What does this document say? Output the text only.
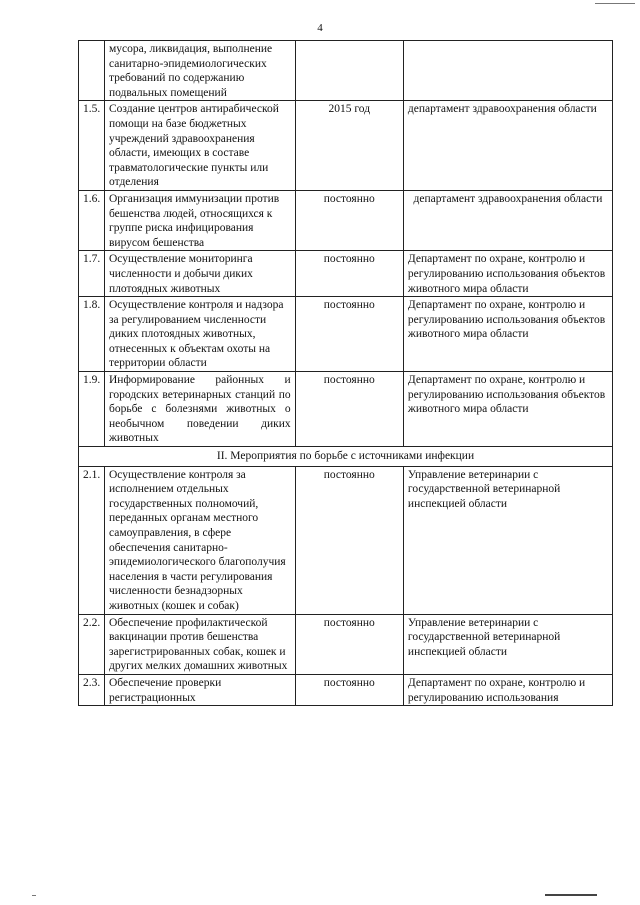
4
	мусора, ликвидация, выполнение санитарно-эпидемиологических требований по содержанию подвальных помещений		
1.5.	Создание центров антирабической помощи на базе бюджетных учреждений здравоохранения области, имеющих в составе травматологические пункты или отделения	2015 год	департамент здравоохранения области
1.6.	Организация иммунизации против бешенства людей, относящихся к группе риска инфицирования вирусом бешенства	постоянно	департамент здравоохранения области
1.7.	Осуществление мониторинга численности и добычи диких плотоядных животных	постоянно	Департамент по охране, контролю и регулированию использования объектов животного мира области
1.8.	Осуществление контроля и надзора за регулированием численности диких плотоядных животных, отнесенных к объектам охоты на территории области	постоянно	Департамент по охране, контролю и регулированию использования объектов животного мира области
1.9.	Информирование районных и городских ветеринарных станций по борьбе с болезнями животных о необычном поведении диких животных	постоянно	Департамент по охране, контролю и регулированию использования объектов животного мира области
II. Мероприятия по борьбе с источниками инфекции			
2.1.	Осуществление контроля за исполнением отдельных государственных полномочий, переданных органам местного самоуправления, в сфере обеспечения санитарно-эпидемиологического благополучия населения в части регулирования численности безнадзорных животных (кошек и собак)	постоянно	Управление ветеринарии с государственной ветеринарной инспекцией области
2.2.	Обеспечение профилактической вакцинации против бешенства зарегистрированных собак, кошек и других мелких домашних животных	постоянно	Управление ветеринарии с государственной ветеринарной инспекцией области
2.3.	Обеспечение проверки регистрационных	постоянно	Департамент по охране, контролю и регулированию использования
